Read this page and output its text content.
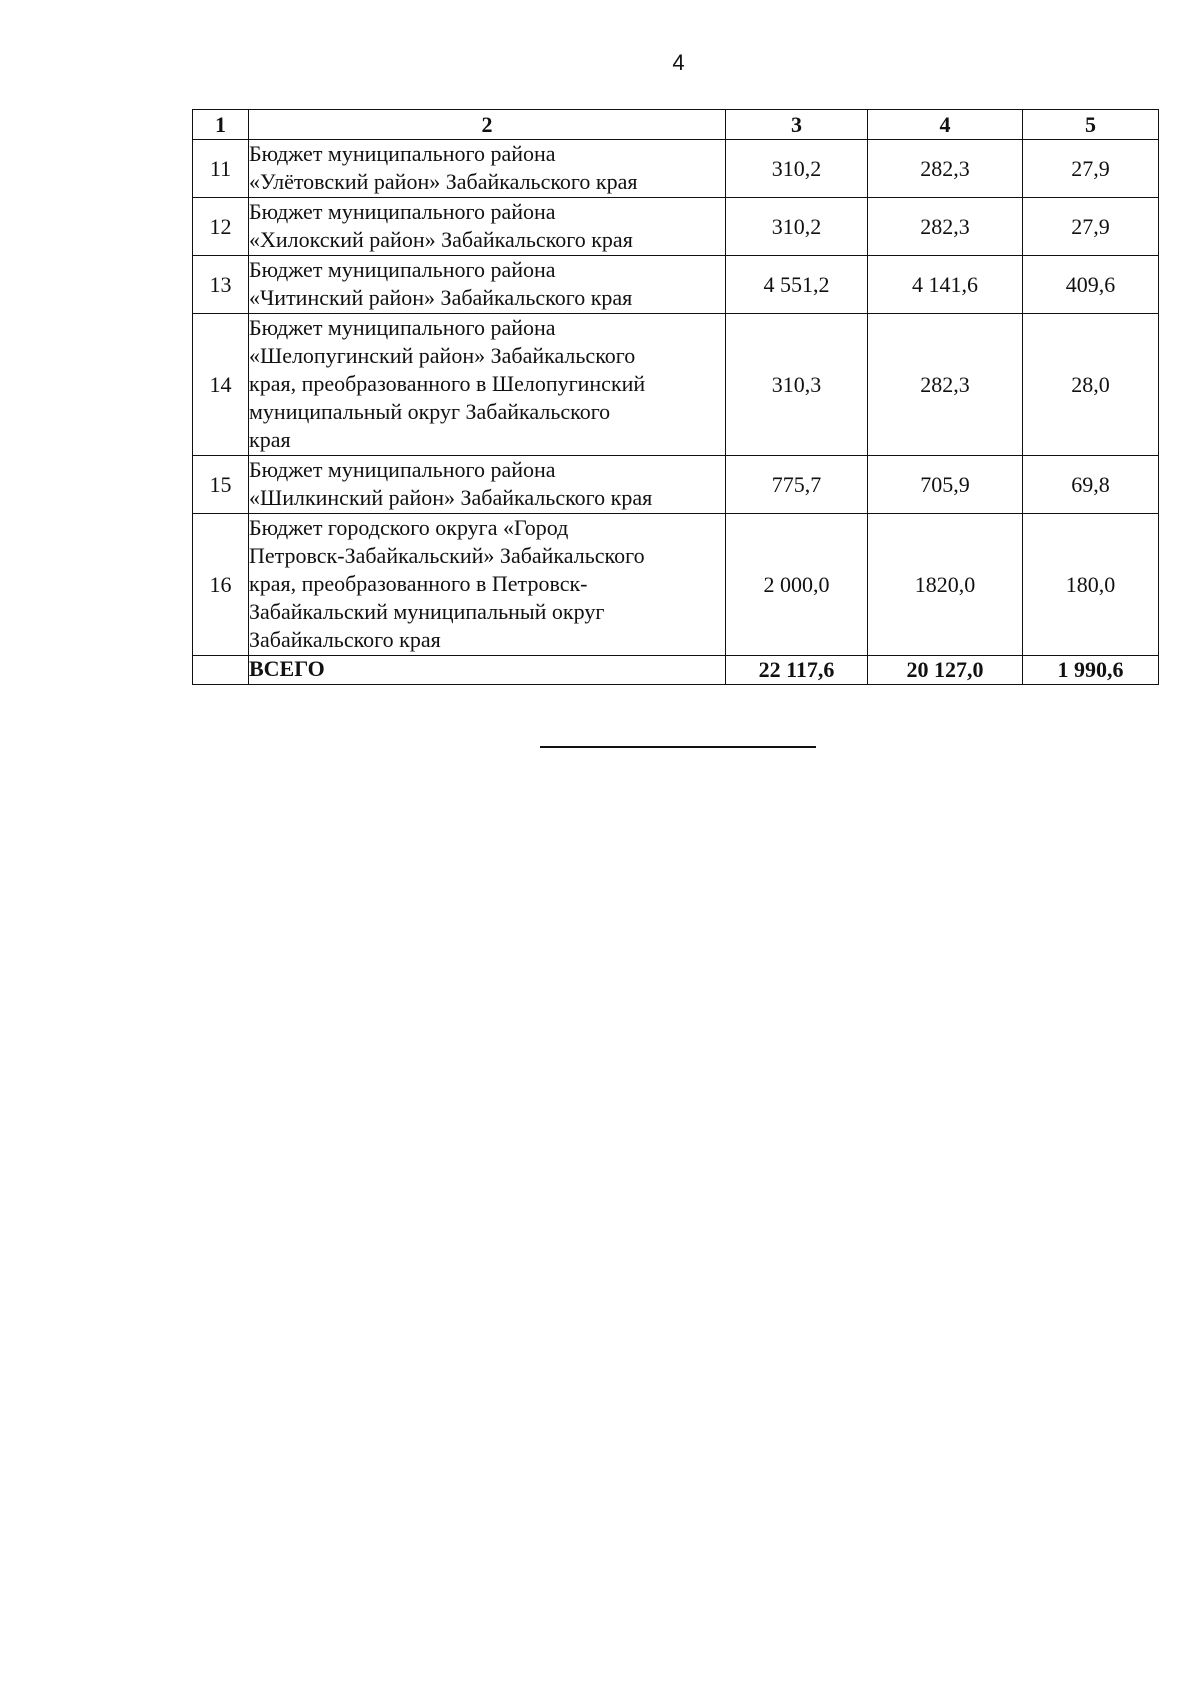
4
1	2	3	4	5
11	Бюджет муниципального района
«Улётовский район» Забайкальского края	310,2	282,3	27,9
12	Бюджет муниципального района
«Хилокский район» Забайкальского края	310,2	282,3	27,9
13	Бюджет муниципального района
«Читинский район» Забайкальского края	4 551,2	4 141,6	409,6
14	Бюджет муниципального района
«Шелопугинский район» Забайкальского
края, преобразованного в Шелопугинский
муниципальный округ Забайкальского
края	310,3	282,3	28,0
15	Бюджет муниципального района
«Шилкинский район» Забайкальского края	775,7	705,9	69,8
16	Бюджет городского округа «Город
Петровск-Забайкальский» Забайкальского
края, преобразованного в Петровск-
Забайкальский муниципальный округ
Забайкальского края	2 000,0	1820,0	180,0
	ВСЕГО	22 117,6	20 127,0	1 990,6
